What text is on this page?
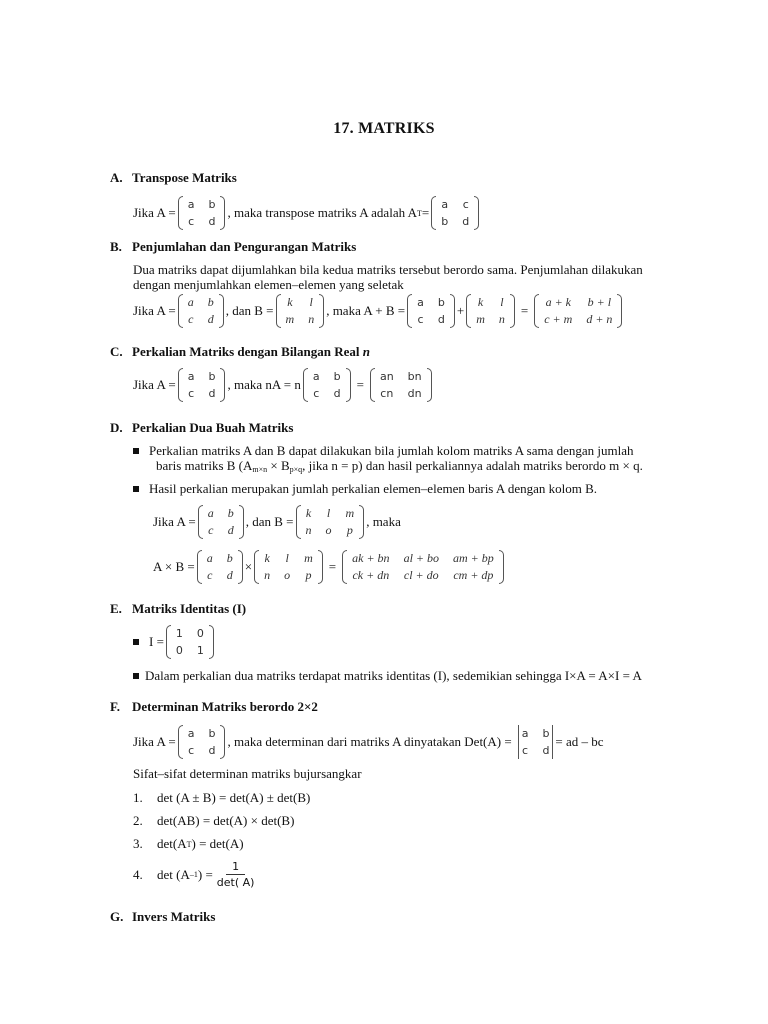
17. MATRIKS
A. Transpose Matriks
Jika A =
a b
c d
, maka transpose matriks A adalah A T =
a c
b d
B. Penjumlahan dan Pengurangan Matriks
Dua matriks dapat dijumlahkan bila kedua matriks tersebut berordo sama. Penjumlahan dilakukan
dengan menjumlahkan elemen–elemen yang seletak
Jika A =
a b
c d
, dan B =
k l
m n
, maka A + B =
a b
c d
+
k l
m n
=
a + k b + l
c + m d + n
C. Perkalian Matriks dengan Bilangan Real n
Jika A =
a b
c d
, maka nA = n
a b
c d
=
an bn
cn dn
D. Perkalian Dua Buah Matriks
Perkalian matriks A dan B dapat dilakukan bila jumlah kolom matriks A sama dengan jumlah
baris matriks B ($A_{m\times n} \times B_{p\times q}$, jika n = p) dan hasil perkaliannya adalah matriks berordo m × q.
Hasil perkalian merupakan jumlah perkalian elemen–elemen baris A dengan kolom B.
Jika A =
a b
c d
, dan B =
k l m
n o p
, maka
A × B =
a b
c d
×
k l m
n o p
=
ak + bn al + bo am + bp
ck + dn cl + do cm + dp
E. Matriks Identitas (I)
I =
1 0
0 1
Dalam perkalian dua matriks terdapat matriks identitas (I), sedemikian sehingga I×A = A×I = A
F. Determinan Matriks berordo 2×2
Jika A =
a b
c d
, maka determinan dari matriks A dinyatakan Det(A) =
a b
c d
= ad – bc
Sifat–sifat determinan matriks bujursangkar
1.	det (A ± B) = det(A) ± det(B)
2.	det(AB) = det(A) × det(B)
3.	det(A T ) = det(A)
4.	det (A –1 ) = $\frac{1}{\det( A)}$
G. Invers Matriks
